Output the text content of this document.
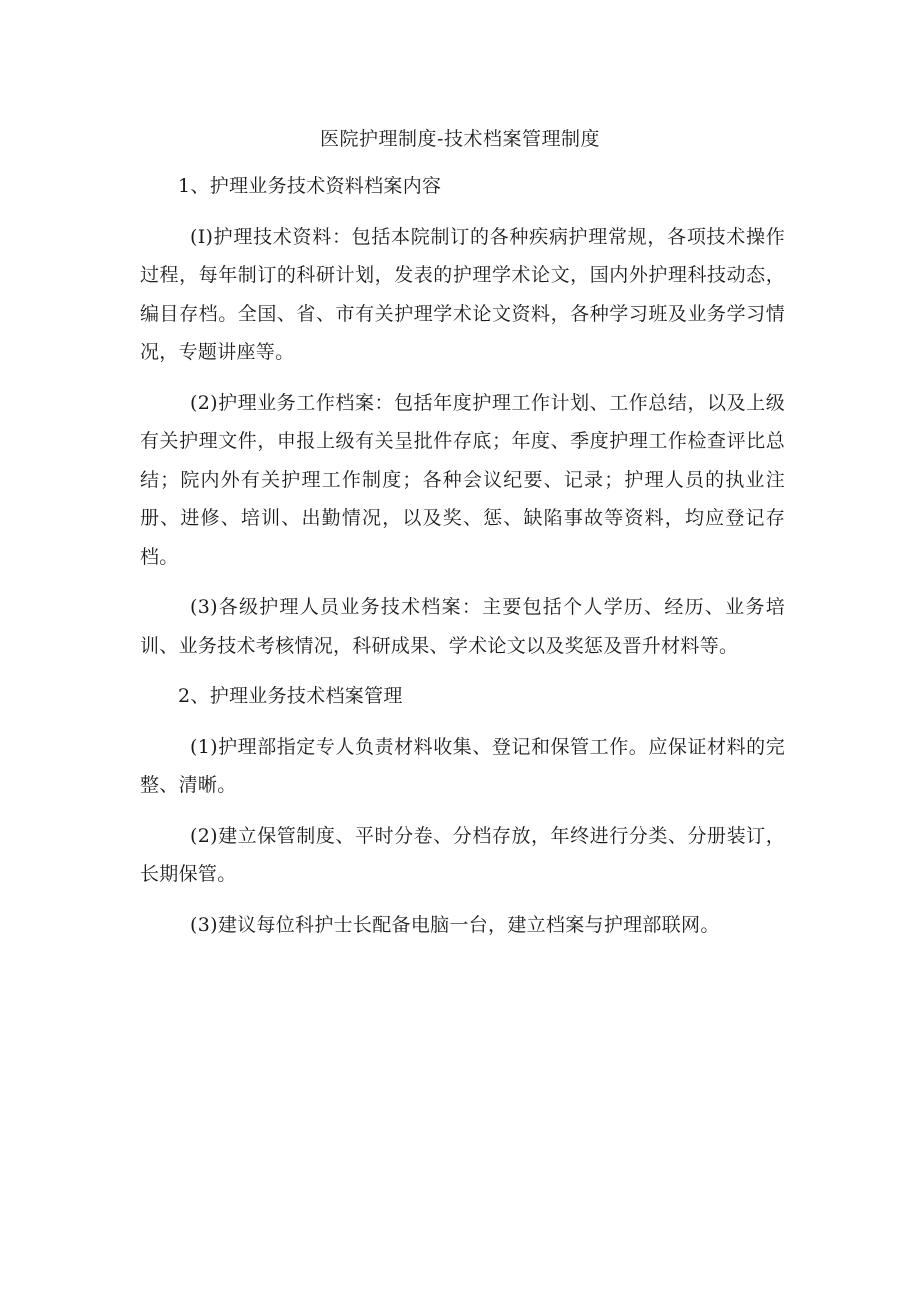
医院护理制度-技术档案管理制度
1、护理业务技术资料档案内容

(I)护理技术资料：包括本院制订的各种疾病护理常规，各项技术操作过程，每年制订的科研计划，发表的护理学术论文，国内外护理科技动态，编目存档。全国、省、市有关护理学术论文资料，各种学习班及业务学习情况，专题讲座等。

(2)护理业务工作档案：包括年度护理工作计划、工作总结，以及上级有关护理文件，申报上级有关呈批件存底；年度、季度护理工作检查评比总结；院内外有关护理工作制度；各种会议纪要、记录；护理人员的执业注册、进修、培训、出勤情况，以及奖、惩、缺陷事故等资料，均应登记存档。

(3)各级护理人员业务技术档案：主要包括个人学历、经历、业务培训、业务技术考核情况，科研成果、学术论文以及奖惩及晋升材料等。

2、护理业务技术档案管理

(1)护理部指定专人负责材料收集、登记和保管工作。应保证材料的完整、清晰。

(2)建立保管制度、平时分卷、分档存放，年终进行分类、分册装订，长期保管。

(3)建议每位科护士长配备电脑一台，建立档案与护理部联网。
